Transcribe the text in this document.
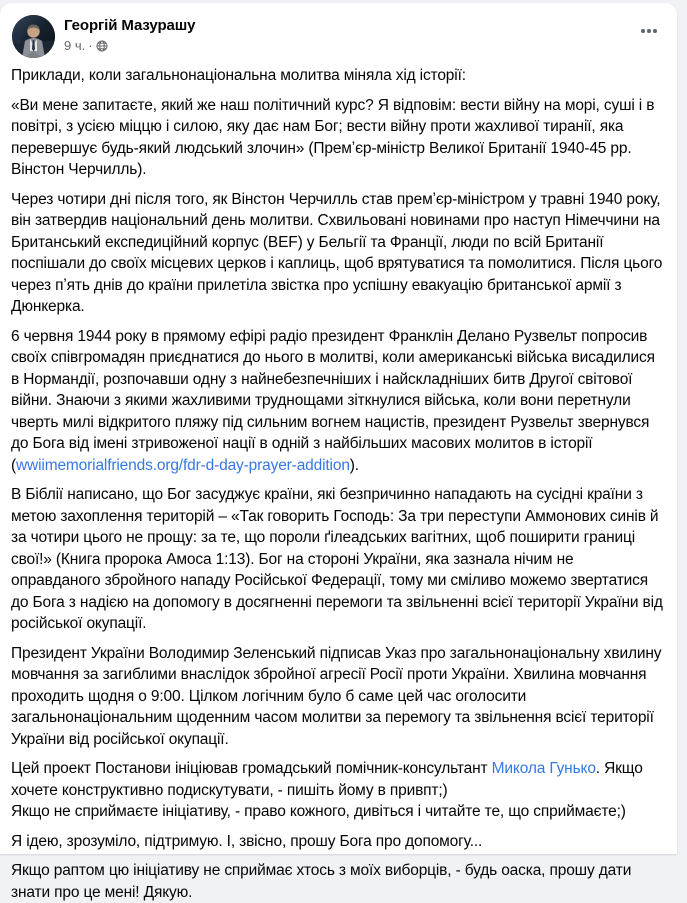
Георгій Мазурашу
9 ч. ·

Приклади, коли загальнонаціональна молитва міняла хід історії:

«Ви мене запитаєте, який же наш політичний курс? Я відповім: вести війну на морі, суші і в повітрі, з усією міццю і силою, яку дає нам Бог; вести війну проти жахливої тиранії, яка перевершує будь-який людський злочин» (Премʼєр-міністр Великої Британії 1940-45 рр. Вінстон Черчилль).

Через чотири дні після того, як Вінстон Черчилль став премʼєр-міністром у травні 1940 року, він затвердив національний день молитви. Схвильовані новинами про наступ Німеччини на Британський експедиційний корпус (BEF) у Бельгії та Франції, люди по всій Британії поспішали до своїх місцевих церков і каплиць, щоб врятуватися та помолитися. Після цього через пʼять днів до країни прилетіла звістка про успішну евакуацію британської армії з Дюнкерка.

6 червня 1944 року в прямому ефірі радіо президент Франклін Делано Рузвельт попросив своїх співгромадян приєднатися до нього в молитві, коли американські війська висадилися в Нормандії, розпочавши одну з найнебезпечніших і найскладніших битв Другої світової війни. Знаючи з якими жахливими труднощами зіткнулися війська, коли вони перетнули чверть милі відкритого пляжу під сильним вогнем нацистів, президент Рузвельт звернувся до Бога від імені зтривоженої нації в одній з найбільших масових молитов в історії (wwiimemorialfriends.org/fdr-d-day-prayer-addition).

В Біблії написано, що Бог засуджує країни, які безпричинно нападають на сусідні країни з метою захоплення територій – «Так говорить Господь: За три переступи Аммонових синів й за чотири цього не прощу: за те, що пороли ґілеадських вагітних, щоб поширити границі свої!» (Книга пророка Амоса 1:13). Бог на стороні України, яка зазнала нічим не оправданого збройного нападу Російської Федерації, тому ми сміливо можемо звертатися до Бога з надією на допомогу в досягненні перемоги та звільненні всієї території України від російської окупації.

Президент України Володимир Зеленський підписав Указ про загальнонаціональну хвилину мовчання за загиблими внаслідок збройної агресії Росії проти України. Хвилина мовчання проходить щодня о 9:00. Цілком логічним було б саме цей час оголосити загальнонаціональним щоденним часом молитви за перемогу та звільнення всієї території України від російської окупації.

Цей проект Постанови ініціював громадський помічник-консультант Микола Гунько. Якщо хочете конструктивно подискутувати, - пишіть йому в привпт;)
Якщо не сприймаєте ініціативу, - право кожного, дивіться і читайте те, що сприймаєте;)

Я ідею, зрозуміло, підтримую. І, звісно, прошу Бога про допомогу...

Якщо раптом цю ініціативу не сприймає хтось з моїх виборців, - будь оаска, прошу дати знати про це мені! Дякую.
